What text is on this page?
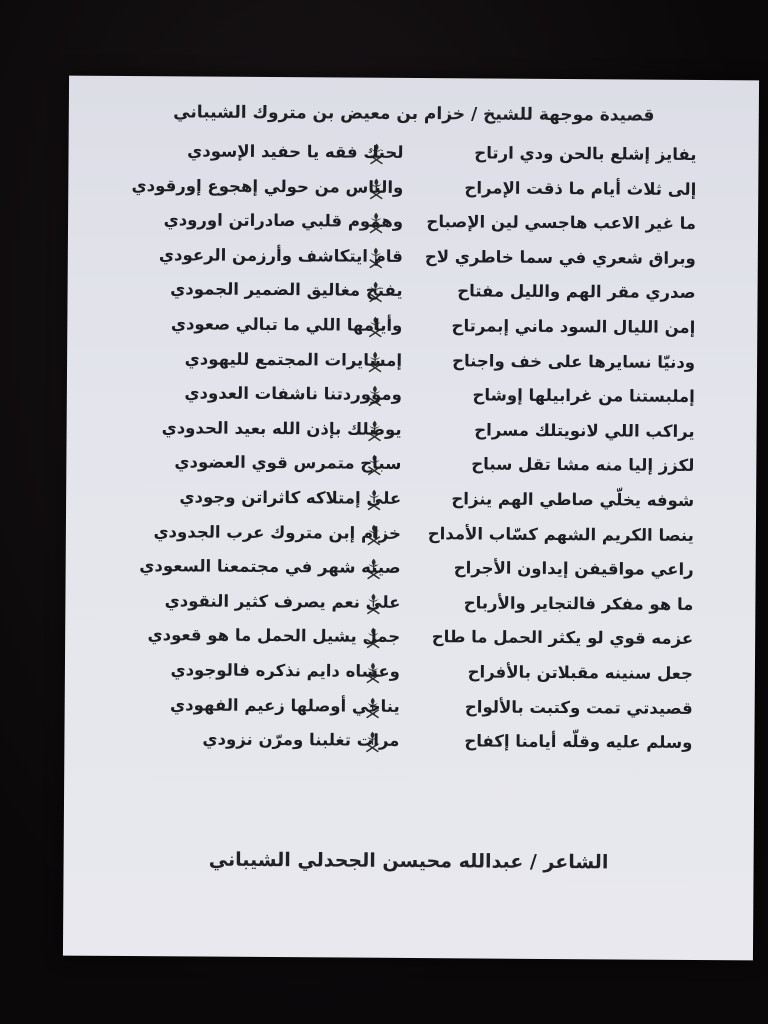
قصيدة موجهة للشيخ / خزام بن معيض بن متروك الشيباني
يفايز إشلع بالحن ودي ارتاح
لحنك فقه يا حفيد الإسودي
إلى ثلاث أيام ما ذقت الإمراح
والناس من حولي إهجوع إورقودي
ما غير الاعب هاجسي لين الإصباح
وهموم قلبي صادراتن اورودي
وبراق شعري في سما خاطري لاح
قام ايتكاشف وأرزمن الرعودي
صدري مقر الهم والليل مفتاح
يفتح مغاليق الضمير الجمودي
إمن الليال السود ماني إبمرتاح
وأيامها اللي ما تبالي صعودي
ودنيّا نسايرها على خف واجناح
إمسايرات المجتمع لليهودي
إملبستنا من غرابيلها إوشاح
ومووردتنا ناشفات العدودي
يراكب اللي لانويتلك مسراح
يوصلك بإذن الله بعيد الحدودي
لكزز إليا منه مشا تقل سباح
سباح متمرس قوي العضودي
شوفه يخلّي صاطي الهم ينزاح
على إمتلاكه كاثراتن وجودي
ينصا الكريم الشهم كسّاب الأمداح
خزام إبن متروك عرب الجدودي
راعي مواقيفن إيداون الأجراح
صيته شهر في مجتمعنا السعودي
ما هو مفكر فالتجاير والأرباح
على نعم يصرف كثير النقودي
عزمه قوي لو يكثر الحمل ما طاح
جمل يشيل الحمل ما هو قعودي
جعل سنينه مقبلاتن بالأفراح
وعساه دايم نذكره فالوجودي
قصيدتي تمت وكتبت بالألواح
يناجي أوصلها زعيم الفهودي
وسلم عليه وقلّه أيامنا إكفاح
مرات تغلبنا ومرّن نزودي
الشاعر / عبدالله محيسن الجحدلي الشيباني
